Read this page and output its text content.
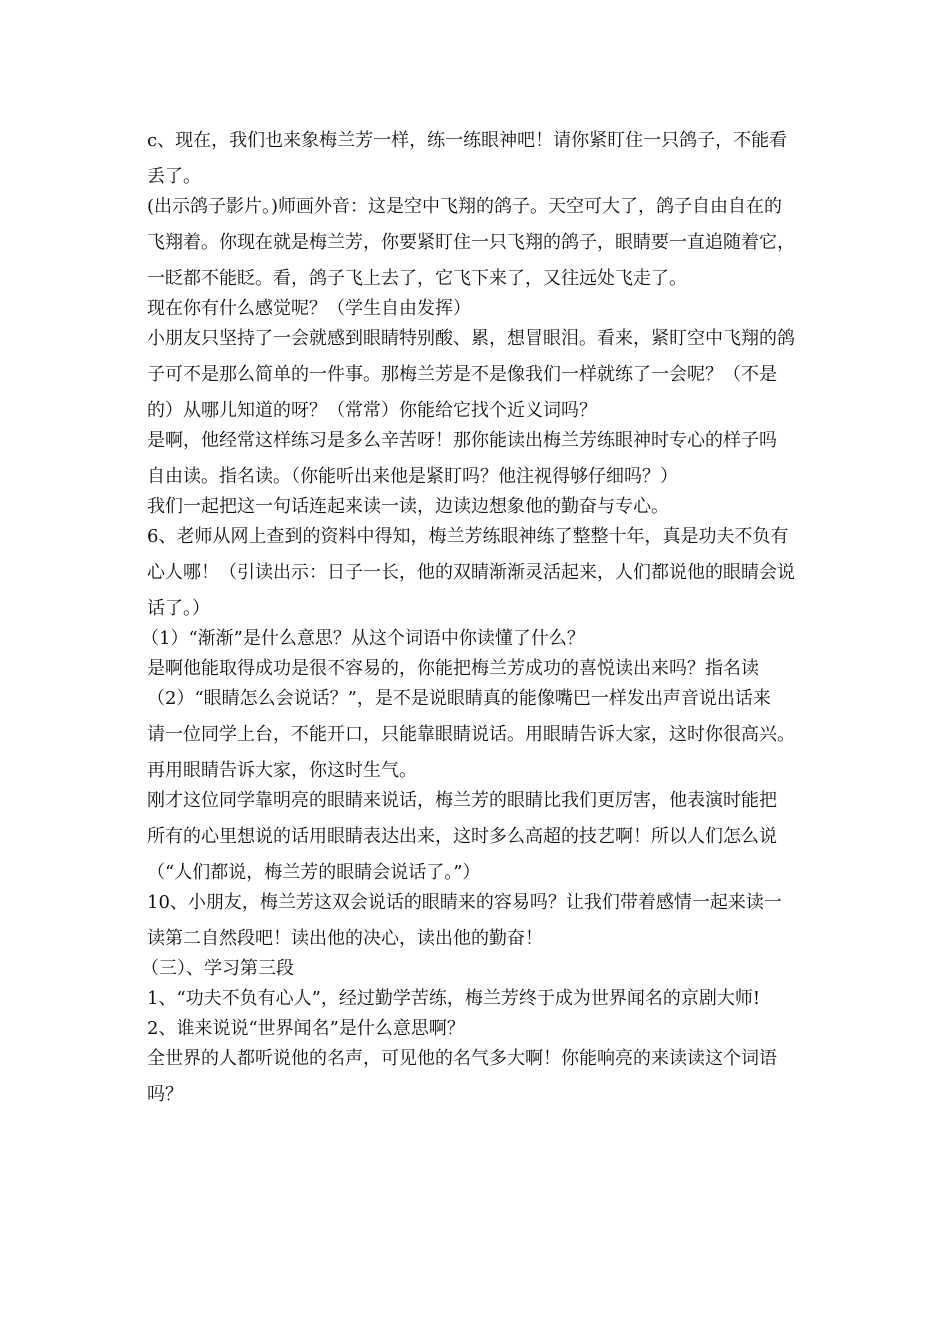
c、现在，我们也来象梅兰芳一样，练一练眼神吧！请你紧盯住一只鸽子，不能看
丢了。
(出示鸽子影片。)师画外音：这是空中飞翔的鸽子。天空可大了，鸽子自由自在的
飞翔着。你现在就是梅兰芳，你要紧盯住一只飞翔的鸽子，眼睛要一直追随着它，
一眨都不能眨。看，鸽子飞上去了，它飞下来了，又往远处飞走了。
现在你有什么感觉呢？（学生自由发挥）
小朋友只坚持了一会就感到眼睛特别酸、累，想冒眼泪。看来，紧盯空中飞翔的鸽
子可不是那么简单的一件事。那梅兰芳是不是像我们一样就练了一会呢？（不是
的）从哪儿知道的呀？（常常）你能给它找个近义词吗？
是啊，他经常这样练习是多么辛苦呀！那你能读出梅兰芳练眼神时专心的样子吗
自由读。指名读。（你能听出来他是紧盯吗？他注视得够仔细吗？）
我们一起把这一句话连起来读一读，边读边想象他的勤奋与专心。
6、老师从网上查到的资料中得知，梅兰芳练眼神练了整整十年，真是功夫不负有
心人哪！（引读出示：日子一长，他的双睛渐渐灵活起来，人们都说他的眼睛会说
话了。）
（1）“渐渐”是什么意思？从这个词语中你读懂了什么？
是啊他能取得成功是很不容易的，你能把梅兰芳成功的喜悦读出来吗？指名读
（2）“眼睛怎么会说话？”，是不是说眼睛真的能像嘴巴一样发出声音说出话来
请一位同学上台，不能开口，只能靠眼睛说话。用眼睛告诉大家，这时你很高兴。
再用眼睛告诉大家，你这时生气。
刚才这位同学靠明亮的眼睛来说话，梅兰芳的眼睛比我们更厉害，他表演时能把
所有的心里想说的话用眼睛表达出来，这时多么高超的技艺啊！所以人们怎么说
（“人们都说，梅兰芳的眼睛会说话了。”）
10、小朋友，梅兰芳这双会说话的眼睛来的容易吗？让我们带着感情一起来读一
读第二自然段吧！读出他的决心，读出他的勤奋！
（三）、学习第三段
1、“功夫不负有心人”，经过勤学苦练，梅兰芳终于成为世界闻名的京剧大师!
2、谁来说说“世界闻名”是什么意思啊？
全世界的人都听说他的名声，可见他的名气多大啊！你能响亮的来读读这个词语
吗？
